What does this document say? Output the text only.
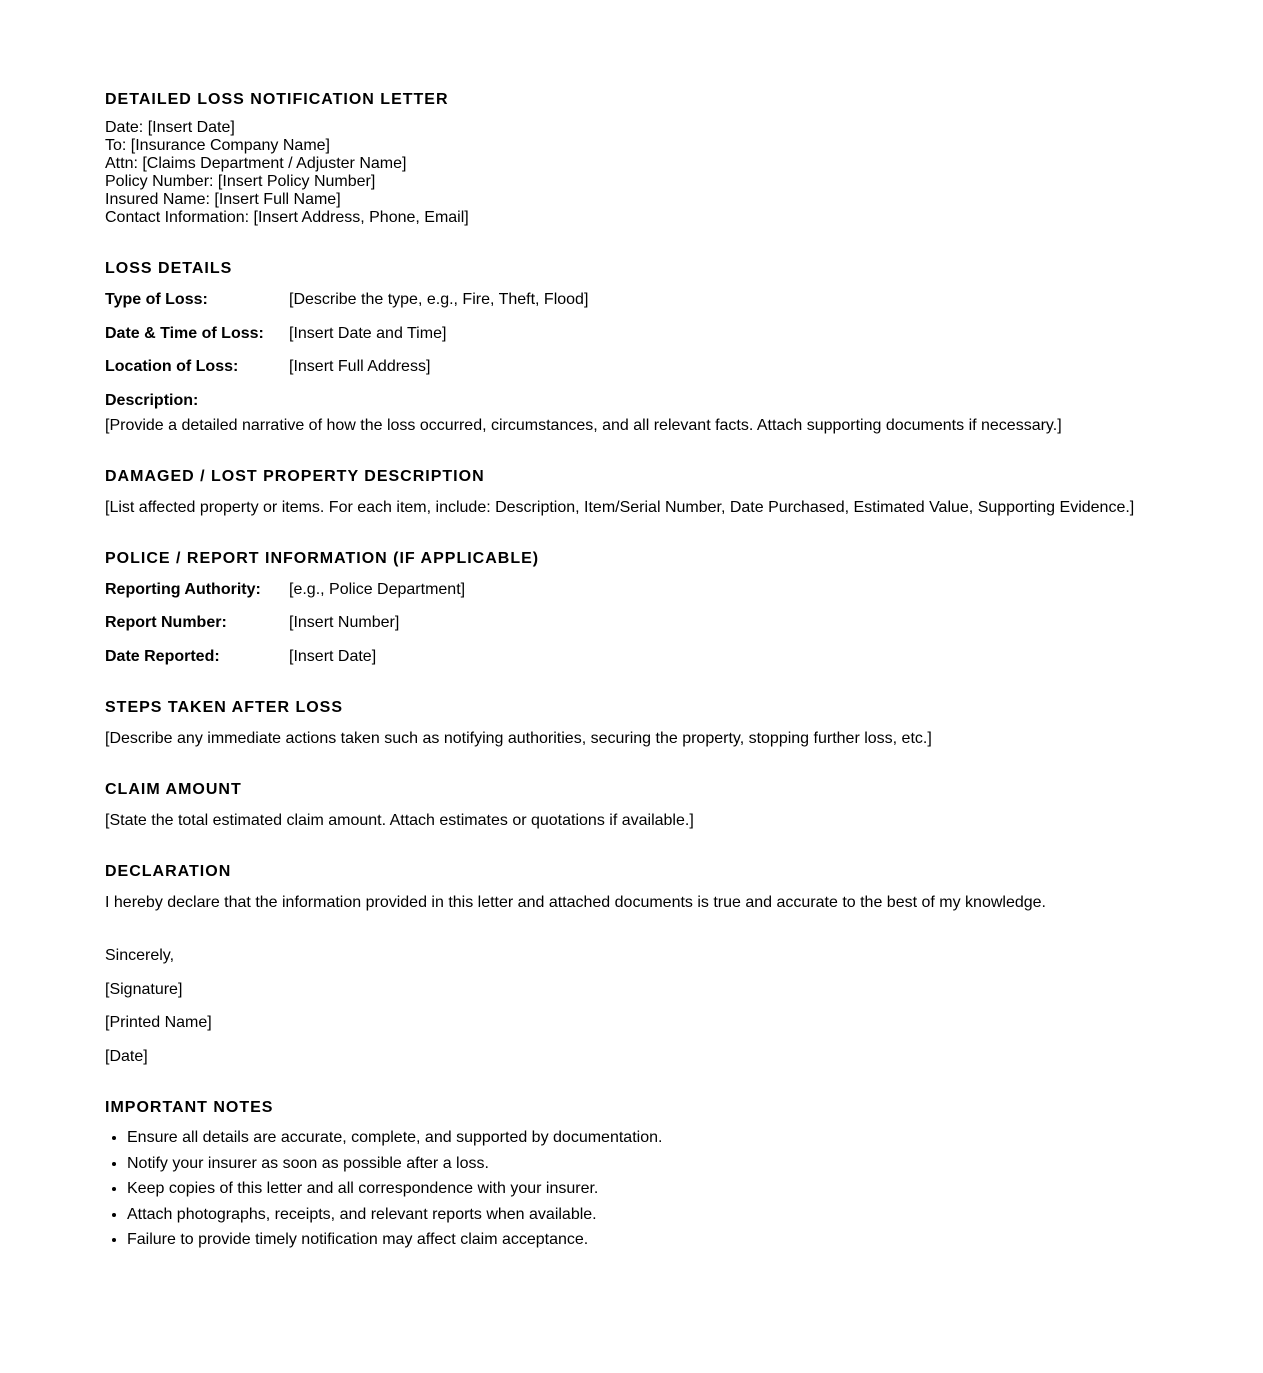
DETAILED LOSS NOTIFICATION LETTER
Date: [Insert Date]
To: [Insurance Company Name]
Attn: [Claims Department / Adjuster Name]
Policy Number: [Insert Policy Number]
Insured Name: [Insert Full Name]
Contact Information: [Insert Address, Phone, Email]
LOSS DETAILS
Type of Loss:	[Describe the type, e.g., Fire, Theft, Flood]
Date & Time of Loss:	[Insert Date and Time]
Location of Loss:	[Insert Full Address]
Description:
[Provide a detailed narrative of how the loss occurred, circumstances, and all relevant facts. Attach supporting documents if necessary.]
DAMAGED / LOST PROPERTY DESCRIPTION
[List affected property or items. For each item, include: Description, Item/Serial Number, Date Purchased, Estimated Value, Supporting Evidence.]
POLICE / REPORT INFORMATION (IF APPLICABLE)
Reporting Authority:	[e.g., Police Department]
Report Number:	[Insert Number]
Date Reported:	[Insert Date]
STEPS TAKEN AFTER LOSS
[Describe any immediate actions taken such as notifying authorities, securing the property, stopping further loss, etc.]
CLAIM AMOUNT
[State the total estimated claim amount. Attach estimates or quotations if available.]
DECLARATION
I hereby declare that the information provided in this letter and attached documents is true and accurate to the best of my knowledge.
Sincerely,
[Signature]
[Printed Name]
[Date]
IMPORTANT NOTES
• Ensure all details are accurate, complete, and supported by documentation.
• Notify your insurer as soon as possible after a loss.
• Keep copies of this letter and all correspondence with your insurer.
• Attach photographs, receipts, and relevant reports when available.
• Failure to provide timely notification may affect claim acceptance.
